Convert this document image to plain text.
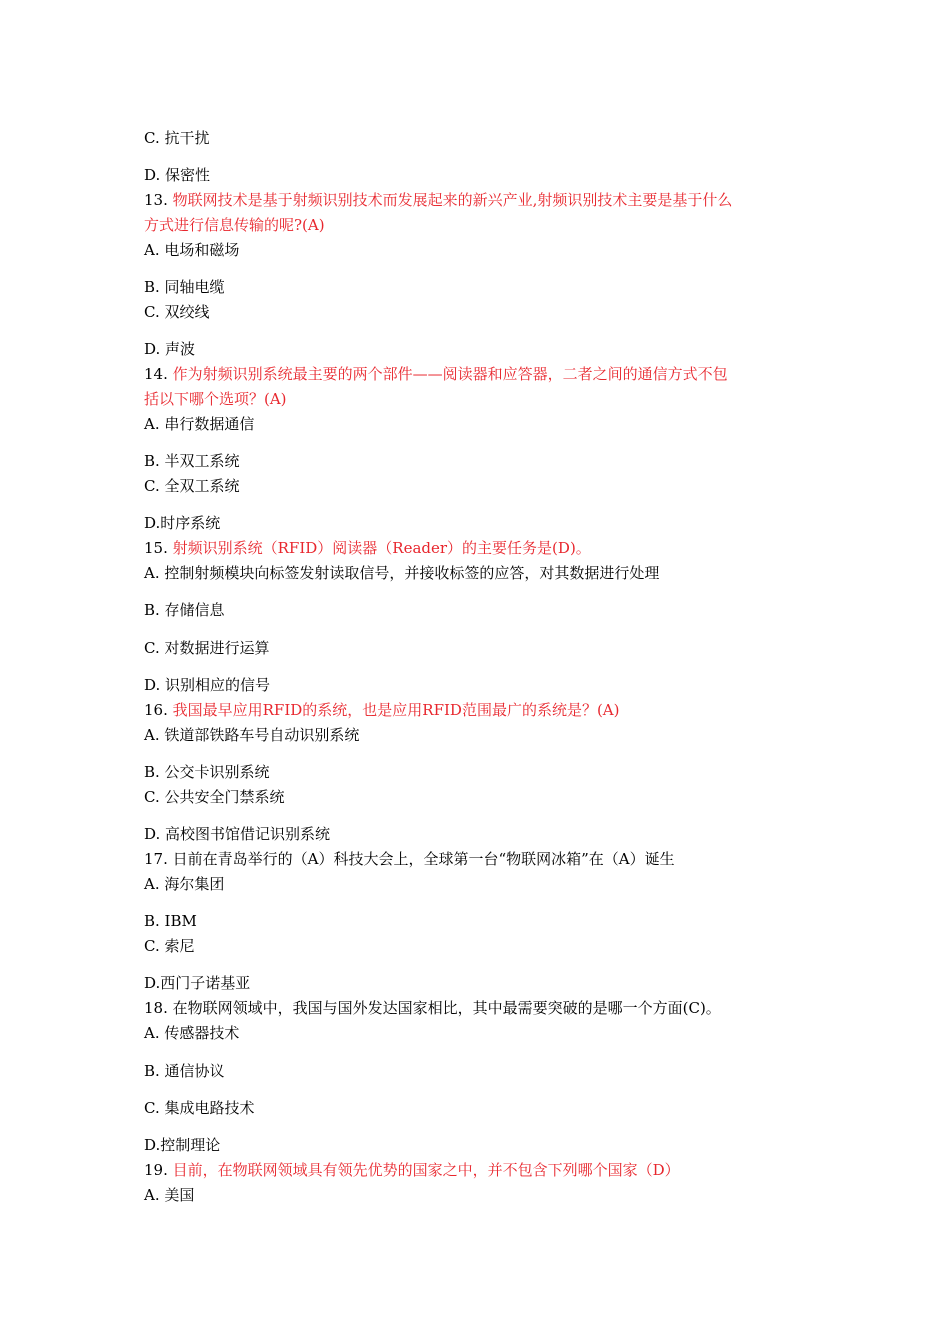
C. 抗干扰
D. 保密性
13. 物联网技术是基于射频识别技术而发展起来的新兴产业,射频识别技术主要是基于什么
方式进行信息传输的呢?(A)
A. 电场和磁场
B. 同轴电缆
C. 双绞线
D. 声波
14. 作为射频识别系统最主要的两个部件——阅读器和应答器，二者之间的通信方式不包
括以下哪个选项？(A)
A. 串行数据通信
B. 半双工系统
C. 全双工系统
D.时序系统
15. 射频识别系统（RFID）阅读器（Reader）的主要任务是(D)。
A. 控制射频模块向标签发射读取信号，并接收标签的应答，对其数据进行处理
B. 存储信息
C. 对数据进行运算
D. 识别相应的信号
16. 我国最早应用RFID的系统，也是应用RFID范围最广的系统是？(A)
A. 铁道部铁路车号自动识别系统
B. 公交卡识别系统
C. 公共安全门禁系统
D. 高校图书馆借记识别系统
17. 日前在青岛举行的（A）科技大会上，全球第一台“物联网冰箱”在（A）诞生
A. 海尔集团
B. IBM
C. 索尼
D.西门子诺基亚
18. 在物联网领域中，我国与国外发达国家相比，其中最需要突破的是哪一个方面(C)。
A. 传感器技术
B. 通信协议
C. 集成电路技术
D.控制理论
19. 目前，在物联网领域具有领先优势的国家之中，并不包含下列哪个国家（D）
A. 美国
